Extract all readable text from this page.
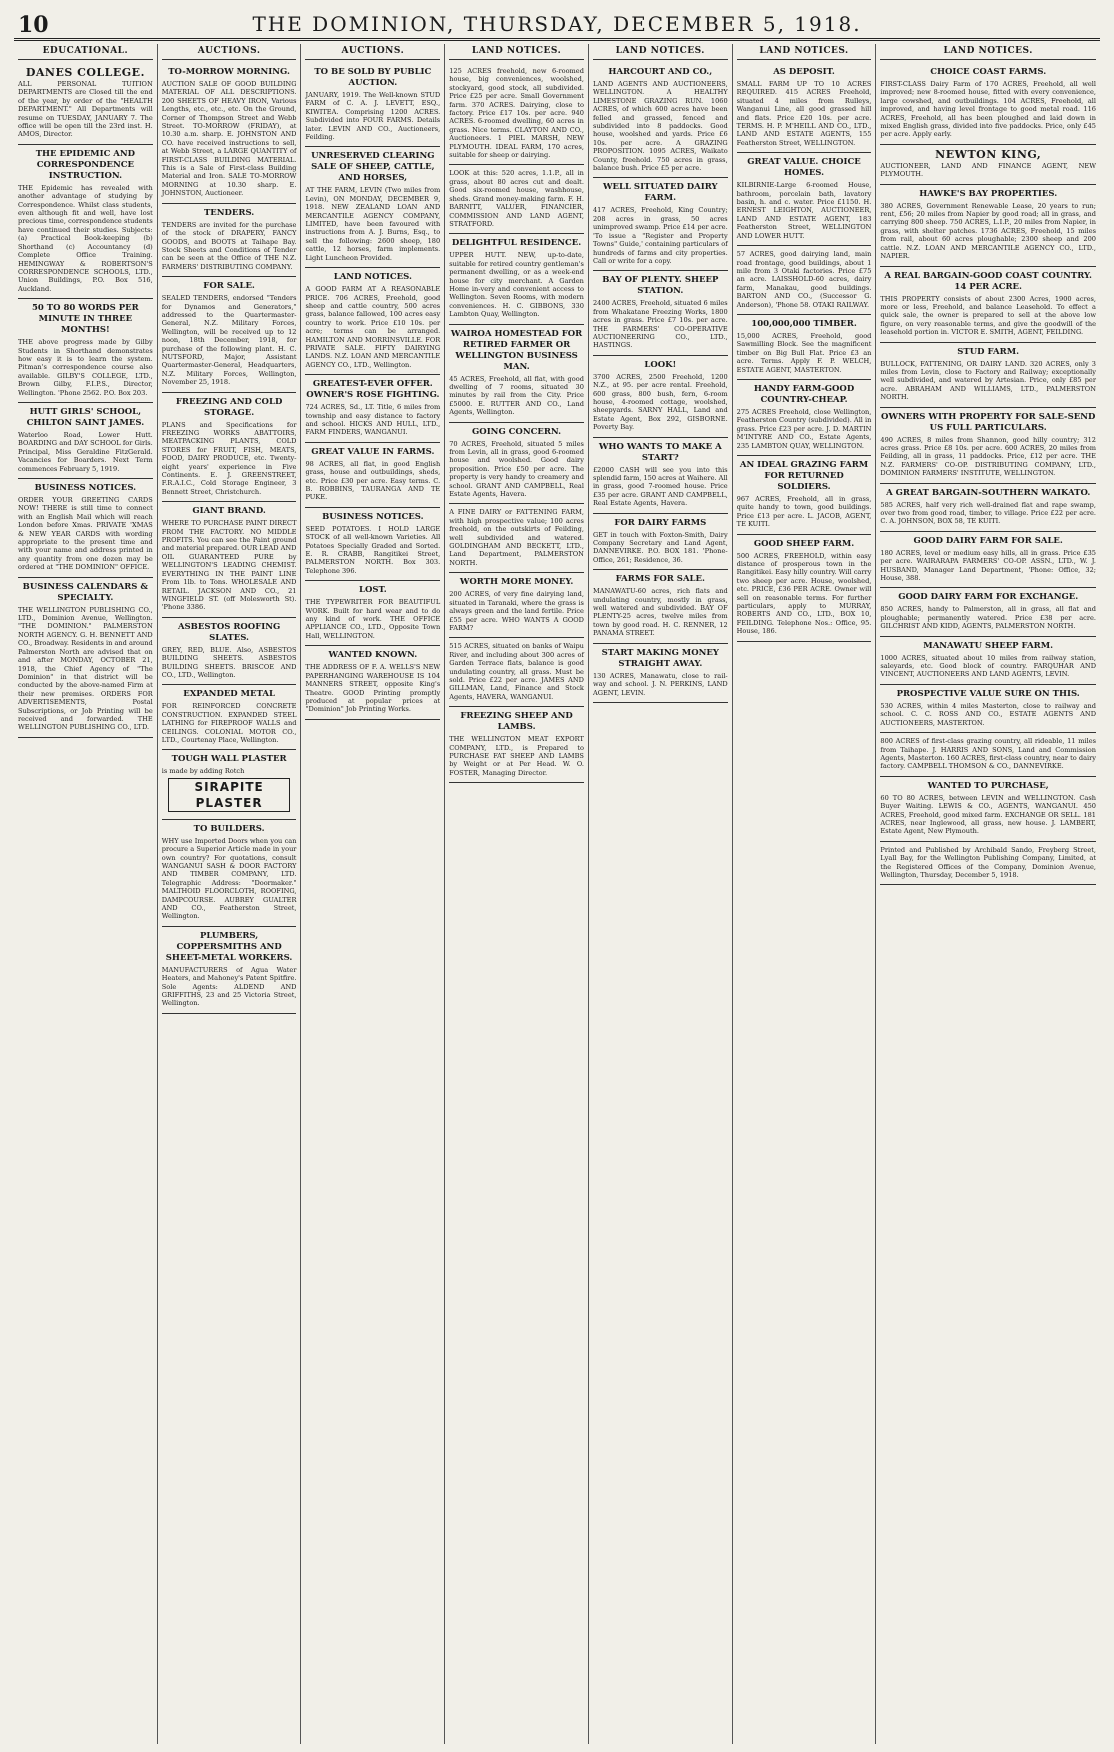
10	THE DOMINION, THURSDAY, DECEMBER 5, 1918.
EDUCATIONAL.
DANES COLLEGE.
ALL PERSONAL TUITION DEPARTMENTS are Closed till the end of the year, by order of the "HEALTH DEPARTMENT." All Departments will resume on TUESDAY, JANUARY 7. The office will be open till the 23rd inst. H. AMOS, Director.
THE EPIDEMIC AND CORRESPONDENCE INSTRUCTION.
THE Epidemic has revealed with another advantage of studying by Correspondence. Whilst class students, even although fit and well, have lost precious time, correspondence students have continued their studies. Subjects: (a) Practical Book-keeping (b) Shorthand (c) Accountancy (d) Complete Office Training. HEMINGWAY & ROBERTSON'S CORRESPONDENCE SCHOOLS, LTD., Union Buildings, P.O. Box 516, Auckland.
50 TO 80 WORDS PER MINUTE IN THREE MONTHS!
THE above progress made by Gilby Students in Shorthand demonstrates how easy it is to learn the system. Pitman's correspondence course also available. GILBY'S COLLEGE, LTD., Brown Gilby, F.I.P.S., Director, Wellington. 'Phone 2562. P.O. Box 203.
HUTT GIRLS' SCHOOL, CHILTON SAINT JAMES.
Waterloo Road, Lower Hutt. BOARDING and DAY SCHOOL for Girls. Principal, Miss Geraldine FitzGerald. Vacancies for Boarders. Next Term commences February 5, 1919.
BUSINESS NOTICES.
ORDER YOUR GREETING CARDS NOW! THERE is still time to connect with an English Mail which will reach London before Xmas. PRIVATE 'XMAS & NEW YEAR CARDS with wording appropriate to the present time and with your name and address printed in any quantity from one dozen may be ordered at "THE DOMINION" OFFICE.
BUSINESS CALENDARS & SPECIALTY.
THE WELLINGTON PUBLISHING CO., LTD., Dominion Avenue, Wellington. "THE DOMINION." PALMERSTON NORTH AGENCY. G. H. BENNETT AND CO., Broadway. Residents in and around Palmerston North are advised that on and after MONDAY, OCTOBER 21, 1918, the Chief Agency of "The Dominion" in that district will be conducted by the above-named Firm at their new premises. ORDERS FOR ADVERTISEMENTS, Postal Subscriptions, or Job Printing will be received and forwarded. THE WELLINGTON PUBLISHING CO., LTD.
AUCTIONS.
TO-MORROW MORNING.
AUCTION SALE OF GOOD BUILDING MATERIAL OF ALL DESCRIPTIONS. 200 SHEETS OF HEAVY IRON, Various Lengths, etc., etc., etc. On the Ground, Corner of Thompson Street and Webb Street. TO-MORROW (FRIDAY), at 10.30 a.m. sharp. E. JOHNSTON AND CO. have received instructions to sell, at Webb Street, a LARGE QUANTITY of FIRST-CLASS BUILDING MATERIAL. This is a Sale of First-class Building Material and Iron. SALE TO-MORROW MORNING at 10.30 sharp. E. JOHNSTON, Auctioneer.
TENDERS.
TENDERS are invited for the purchase of the stock of DRAPERY, FANCY GOODS, and BOOTS at Taihape Bay. Stock Sheets and Conditions of Tender can be seen at the Office of THE N.Z. FARMERS' DISTRIBUTING COMPANY.
FOR SALE.
SEALED TENDERS, endorsed "Tenders for Dynamos and Generators," addressed to the Quartermaster-General, N.Z. Military Forces, Wellington, will be received up to 12 noon, 18th December, 1918, for purchase of the following plant. H. C. NUTSFORD, Major, Assistant Quartermaster-General, Headquarters, N.Z. Military Forces, Wellington, November 25, 1918.
FREEZING AND COLD STORAGE.
PLANS and Specifications for FREEZING WORKS ABATTOIRS, MEATPACKING PLANTS, COLD STORES for FRUIT, FISH, MEATS, FOOD, DAIRY PRODUCE, etc. Twenty-eight years' experience in Five Continents. E. J. GREENSTREET, F.R.A.I.C., Cold Storage Engineer, 3 Bennett Street, Christchurch.
GIANT BRAND.
WHERE TO PURCHASE PAINT DIRECT FROM THE FACTORY. NO MIDDLE PROFITS. You can see the Paint ground and material prepared. OUR LEAD AND OIL GUARANTEED PURE by WELLINGTON'S LEADING CHEMIST. EVERYTHING IN THE PAINT LINE From 1lb. to Tons. WHOLESALE AND RETAIL. JACKSON AND CO., 21 WINGFIELD ST. (off Molesworth St). 'Phone 3386.
ASBESTOS ROOFING SLATES.
GREY, RED, BLUE. Also, ASBESTOS BUILDING SHEETS. ASBESTOS BUILDING SHEETS. BRISCOE AND CO., LTD., Wellington.
EXPANDED METAL
FOR REINFORCED CONCRETE CONSTRUCTION. EXPANDED STEEL LATHING for FIREPROOF WALLS and CEILINGS. COLONIAL MOTOR CO., LTD., Courtenay Place, Wellington.
TOUGH WALL PLASTER
is made by adding Rotch
SIRAPITE PLASTER
TO BUILDERS.
WHY use Imported Doors when you can procure a Superior Article made in your own country? For quotations, consult WANGANUI SASH & DOOR FACTORY AND TIMBER COMPANY, LTD. Telegraphic Address: "Doormaker." MALTHOID FLOORCLOTH, ROOFING, DAMPCOURSE. AUBREY GUALTER AND CO., Featherston Street, Wellington.
PLUMBERS, COPPERSMITHS AND SHEET-METAL WORKERS.
MANUFACTURERS of Agua Water Heaters, and Mahoney's Patent Spitfire. Sole Agents: ALDEND AND GRIFFITHS, 23 and 25 Victoria Street, Wellington.
AUCTIONS.
TO BE SOLD BY PUBLIC AUCTION.
JANUARY, 1919. The Well-known STUD FARM of C. A. J. LEVETT, ESQ., KIWITEA. Comprising 1200 ACRES. Subdivided into FOUR FARMS. Details later. LEVIN AND CO., Auctioneers, Feilding.
UNRESERVED CLEARING SALE OF SHEEP, CATTLE, AND HORSES,
AT THE FARM, LEVIN (Two miles from Levin), ON MONDAY, DECEMBER 9, 1918. NEW ZEALAND LOAN AND MERCANTILE AGENCY COMPANY, LIMITED, have been favoured with instructions from A. J. Burns, Esq., to sell the following: 2600 sheep, 180 cattle, 12 horses, farm implements. Light Luncheon Provided.
LAND NOTICES.
A GOOD FARM AT A REASONABLE PRICE. 706 ACRES, Freehold, good sheep and cattle country, 500 acres grass, balance fallowed, 100 acres easy country to work. Price £10 10s. per acre; terms can be arranged. HAMILTON AND MORRINSVILLE. FOR PRIVATE SALE. FIFTY DAIRYING LANDS. N.Z. LOAN AND MERCANTILE AGENCY CO., LTD., Wellington.
GREATEST-EVER OFFER. OWNER'S ROSE FIGHTING.
724 ACRES, Sd., LT. Title, 6 miles from township and easy distance to factory and school. HICKS AND HULL, LTD., FARM FINDERS, WANGANUI.
GREAT VALUE IN FARMS.
98 ACRES, all flat, in good English grass, house and outbuildings, sheds, etc. Price £30 per acre. Easy terms. C. B. ROBBINS, TAURANGA AND TE PUKE.
BUSINESS NOTICES.
SEED POTATOES. I HOLD LARGE STOCK of all well-known Varieties. All Potatoes Specially Graded and Sorted. E. R. CRABB, Rangitikei Street, PALMERSTON NORTH. Box 303. Telephone 396.
LOST.
THE TYPEWRITER FOR BEAUTIFUL WORK. Built for hard wear and to do any kind of work. THE OFFICE APPLIANCE CO., LTD., Opposite Town Hall, WELLINGTON.
WANTED KNOWN.
THE ADDRESS OF F. A. WELLS'S NEW PAPERHANGING WAREHOUSE IS 104 MANNERS STREET, opposite King's Theatre. GOOD Printing promptly produced at popular prices at "Dominion" Job Printing Works.
LAND NOTICES.
125 ACRES freehold, new 6-roomed house, big conveniences, woolshed, stockyard, good stock, all subdivided. Price £25 per acre. Small Government farm. 370 ACRES. Dairying, close to factory. Price £17 10s. per acre. 940 ACRES. 6-roomed dwelling, 60 acres in grass. Nice terms. CLAYTON AND CO., Auctioneers. 1 PIEL MARSH, NEW PLYMOUTH. IDEAL FARM, 170 acres, suitable for sheep or dairying.
LOOK at this: 520 acres, 1.1.P., all in grass, about 80 acres cut and dealt. Good six-roomed house, washhouse, sheds. Grand money-making farm. F. H. BARNITT, VALUER, FINANCIER, COMMISSION AND LAND AGENT, STRATFORD.
DELIGHTFUL RESIDENCE.
UPPER HUTT. NEW, up-to-date, suitable for retired country gentleman's permanent dwelling, or as a week-end house for city merchant. A Garden Home in-very and convenient access to Wellington. Seven Rooms, with modern conveniences. H. C. GIBBONS, 330 Lambton Quay, Wellington.
WAIROA HOMESTEAD FOR RETIRED FARMER OR WELLINGTON BUSINESS MAN.
45 ACRES, Freehold, all flat, with good dwelling of 7 rooms, situated 30 minutes by rail from the City. Price £5000. E. RUTTER AND CO., Land Agents, Wellington.
GOING CONCERN.
70 ACRES, Freehold, situated 5 miles from Levin, all in grass, good 6-roomed house and woolshed. Good dairy proposition. Price £50 per acre. The property is very handy to creamery and school. GRANT AND CAMPBELL, Real Estate Agents, Havera.
A FINE DAIRY or FATTENING FARM, with high prospective value; 100 acres freehold, on the outskirts of Feilding, well subdivided and watered. GOLDINGHAM AND BECKETT, LTD., Land Department, PALMERSTON NORTH.
WORTH MORE MONEY.
200 ACRES, of very fine dairying land, situated in Taranaki, where the grass is always green and the land fertile. Price £55 per acre. WHO WANTS A GOOD FARM?
515 ACRES, situated on banks of Waipu River, and including about 300 acres of Garden Terrace flats, balance is good undulating country, all grass. Must be sold. Price £22 per acre. JAMES AND GILLMAN, Land, Finance and Stock Agents, HAVERA, WANGANUI.
FREEZING SHEEP AND LAMBS.
THE WELLINGTON MEAT EXPORT COMPANY, LTD., is Prepared to PURCHASE FAT SHEEP AND LAMBS by Weight or at Per Head. W. O. FOSTER, Managing Director.
LAND NOTICES.
HARCOURT AND CO.,
LAND AGENTS AND AUCTIONEERS, WELLINGTON. A HEALTHY LIMESTONE GRAZING RUN. 1060 ACRES, of which 600 acres have been felled and grassed, fenced and subdivided into 8 paddocks. Good house, woolshed and yards. Price £6 10s. per acre. A GRAZING PROPOSITION. 1095 ACRES, Waikato County, freehold. 750 acres in grass, balance bush. Price £5 per acre.
WELL SITUATED DAIRY FARM.
417 ACRES, Freehold, King Country; 208 acres in grass, 50 acres unimproved swamp. Price £14 per acre. 'To issue a "Register and Property Towns" Guide,' containing particulars of hundreds of farms and city properties. Call or write for a copy.
BAY OF PLENTY. SHEEP STATION.
2400 ACRES, Freehold, situated 6 miles from Whakatane Freezing Works, 1800 acres in grass. Price £7 10s. per acre. THE FARMERS' CO-OPERATIVE AUCTIONEERING CO., LTD., HASTINGS.
LOOK!
3700 ACRES, 2500 Freehold, 1200 N.Z., at 95. per acre rental. Freehold, 600 grass, 800 bush, fern, 6-room house, 4-roomed cottage, woolshed, sheepyards. SARNY HALL, Land and Estate Agent, Box 292, GISBORNE. Poverty Bay.
WHO WANTS TO MAKE A START?
£2000 CASH will see you into this splendid farm, 150 acres at Waihere. All in grass, good 7-roomed house. Price £35 per acre. GRANT AND CAMPBELL, Real Estate Agents, Havera.
FOR DAIRY FARMS
GET in touch with Foxton-Smith, Dairy Company Secretary and Land Agent, DANNEVIRKE. P.O. BOX 181. 'Phone-Office, 261; Residence, 36.
FARMS FOR SALE.
MANAWATU-60 acres, rich flats and undulating country, mostly in grass, well watered and subdivided. BAY OF PLENTY-25 acres, twelve miles from town by good road. H. C. RENNER, 12 PANAMA STREET.
START MAKING MONEY STRAIGHT AWAY.
130 ACRES, Manawatu, close to rail-way and school. J. N. PERKINS, LAND AGENT, LEVIN.
LAND NOTICES.
AS DEPOSIT.
SMALL FARM UP TO 10 ACRES REQUIRED. 415 ACRES Freehold, situated 4 miles from Rulleys, Wanganui Line, all good grassed hill and flats. Price £20 10s. per acre. TERMS. H. P. M'HEILL AND CO., LTD., LAND AND ESTATE AGENTS, 155 Featherston Street, WELLINGTON.
GREAT VALUE. CHOICE HOMES.
KILBIRNIE-Large 6-roomed House, bathroom, porcelain bath, lavatory basin, h. and c. water. Price £1150. H. ERNEST LEIGHTON, AUCTIONEER, LAND AND ESTATE AGENT, 183 Featherston Street, WELLINGTON AND LOWER HUTT.
57 ACRES, good dairying land, main road frontage, good buildings, about 1 mile from 3 Otaki factories. Price £75 an acre. LAISSHOLD-60 acres, dairy farm, Manakau, good buildings. BARTON AND CO., (Successor G. Anderson), 'Phone 58. OTAKI RAILWAY.
100,000,000 TIMBER.
15,000 ACRES, Freehold, good Sawmilling Block. See the magnificent timber on Big Bull Flat. Price £3 an acre. Terms. Apply F. P. WELCH, ESTATE AGENT, MASTERTON.
HANDY FARM-GOOD COUNTRY-CHEAP.
275 ACRES Freehold, close Wellington, Featherston Country (subdivided). All in grass. Price £23 per acre. J. D. MARTIN M'INTYRE AND CO., Estate Agents, 235 LAMBTON QUAY, WELLINGTON.
AN IDEAL GRAZING FARM FOR RETURNED SOLDIERS.
967 ACRES, Freehold, all in grass, quite handy to town, good buildings. Price £13 per acre. L. JACOB, AGENT, TE KUITI.
GOOD SHEEP FARM.
500 ACRES, FREEHOLD, within easy distance of prosperous town in the Rangitikei. Easy hilly country. Will carry two sheep per acre. House, woolshed, etc. PRICE, £36 PER ACRE. Owner will sell on reasonable terms. For further particulars, apply to MURRAY, ROBERTS AND CO., LTD., BOX 10, FEILDING. Telephone Nos.: Office, 95. House, 186.
LAND NOTICES.
CHOICE COAST FARMS.
FIRST-CLASS Dairy Farm of 170 ACRES, Freehold, all well improved; new 8-roomed house, fitted with every convenience, large cowshed, and outbuildings. 104 ACRES, Freehold, all improved, and having level frontage to good metal road. 116 ACRES, Freehold, all has been ploughed and laid down in mixed English grass, divided into five paddocks. Price, only £45 per acre. Apply early.
NEWTON KING,
AUCTIONEER, LAND AND FINANCE AGENT, NEW PLYMOUTH.
HAWKE'S BAY PROPERTIES.
380 ACRES, Government Renewable Lease, 20 years to run; rent, £56; 20 miles from Napier by good road; all in grass, and carrying 800 sheep. 750 ACRES, L.I.P., 20 miles from Napier, in grass, with shelter patches. 1736 ACRES, Freehold, 15 miles from rail, about 60 acres ploughable; 2300 sheep and 200 cattle. N.Z. LOAN AND MERCANTILE AGENCY CO., LTD., NAPIER.
A REAL BARGAIN-GOOD COAST COUNTRY. 14 PER ACRE.
THIS PROPERTY consists of about 2300 Acres, 1900 acres, more or less, Freehold, and balance Leasehold. To effect a quick sale, the owner is prepared to sell at the above low figure, on very reasonable terms, and give the goodwill of the leasehold portion in. VICTOR E. SMITH, AGENT, FEILDING.
STUD FARM.
BULLOCK, FATTENING, OR DAIRY LAND. 320 ACRES, only 3 miles from Levin, close to Factory and Railway; exceptionally well subdivided, and watered by Artesian. Price, only £85 per acre. ABRAHAM AND WILLIAMS, LTD., PALMERSTON NORTH.
OWNERS WITH PROPERTY FOR SALE-SEND US FULL PARTICULARS.
490 ACRES, 8 miles from Shannon, good hilly country; 312 acres grass. Price £8 10s. per acre. 600 ACRES, 20 miles from Feilding, all in grass, 11 paddocks. Price, £12 per acre. THE N.Z. FARMERS' CO-OP. DISTRIBUTING COMPANY, LTD., DOMINION FARMERS' INSTITUTE, WELLINGTON.
A GREAT BARGAIN-SOUTHERN WAIKATO.
585 ACRES, half very rich well-drained flat and rape swamp, over two from good road, timber, to village. Price £22 per acre. C. A. JOHNSON, BOX 58, TE KUITI.
GOOD DAIRY FARM FOR SALE.
180 ACRES, level or medium easy hills, all in grass. Price £35 per acre. WAIRARAPA FARMERS' CO-OP. ASSN., LTD., W. J. HUSBAND, Manager Land Department, 'Phone: Office, 32; House, 388.
GOOD DAIRY FARM FOR EXCHANGE.
850 ACRES, handy to Palmerston, all in grass, all flat and ploughable; permanently watered. Price £38 per acre. GILCHRIST AND KIDD, AGENTS, PALMERSTON NORTH.
MANAWATU SHEEP FARM.
1000 ACRES, situated about 10 miles from railway station, saleyards, etc. Good block of country. FARQUHAR AND VINCENT, AUCTIONEERS AND LAND AGENTS, LEVIN.
PROSPECTIVE VALUE SURE ON THIS.
530 ACRES, within 4 miles Masterton, close to railway and school. C. C. ROSS AND CO., ESTATE AGENTS AND AUCTIONEERS, MASTERTON.
800 ACRES of first-class grazing country, all rideable, 11 miles from Taihape. J. HARRIS AND SONS, Land and Commission Agents, Masterton. 160 ACRES, first-class country, near to dairy factory. CAMPBELL THOMSON & CO., DANNEVIRKE.
WANTED TO PURCHASE,
60 TO 80 ACRES, between LEVIN and WELLINGTON. Cash Buyer Waiting. LEWIS & CO., AGENTS, WANGANUI. 450 ACRES, Freehold, good mixed farm. EXCHANGE OR SELL. 181 ACRES, near Inglewood, all grass, new house. J. LAMBERT, Estate Agent, New Plymouth.
Printed and Published by Archibald Sando, Freyberg Street, Lyall Bay, for the Wellington Publishing Company, Limited, at the Registered Offices of the Company, Dominion Avenue, Wellington, Thursday, December 5, 1918.
